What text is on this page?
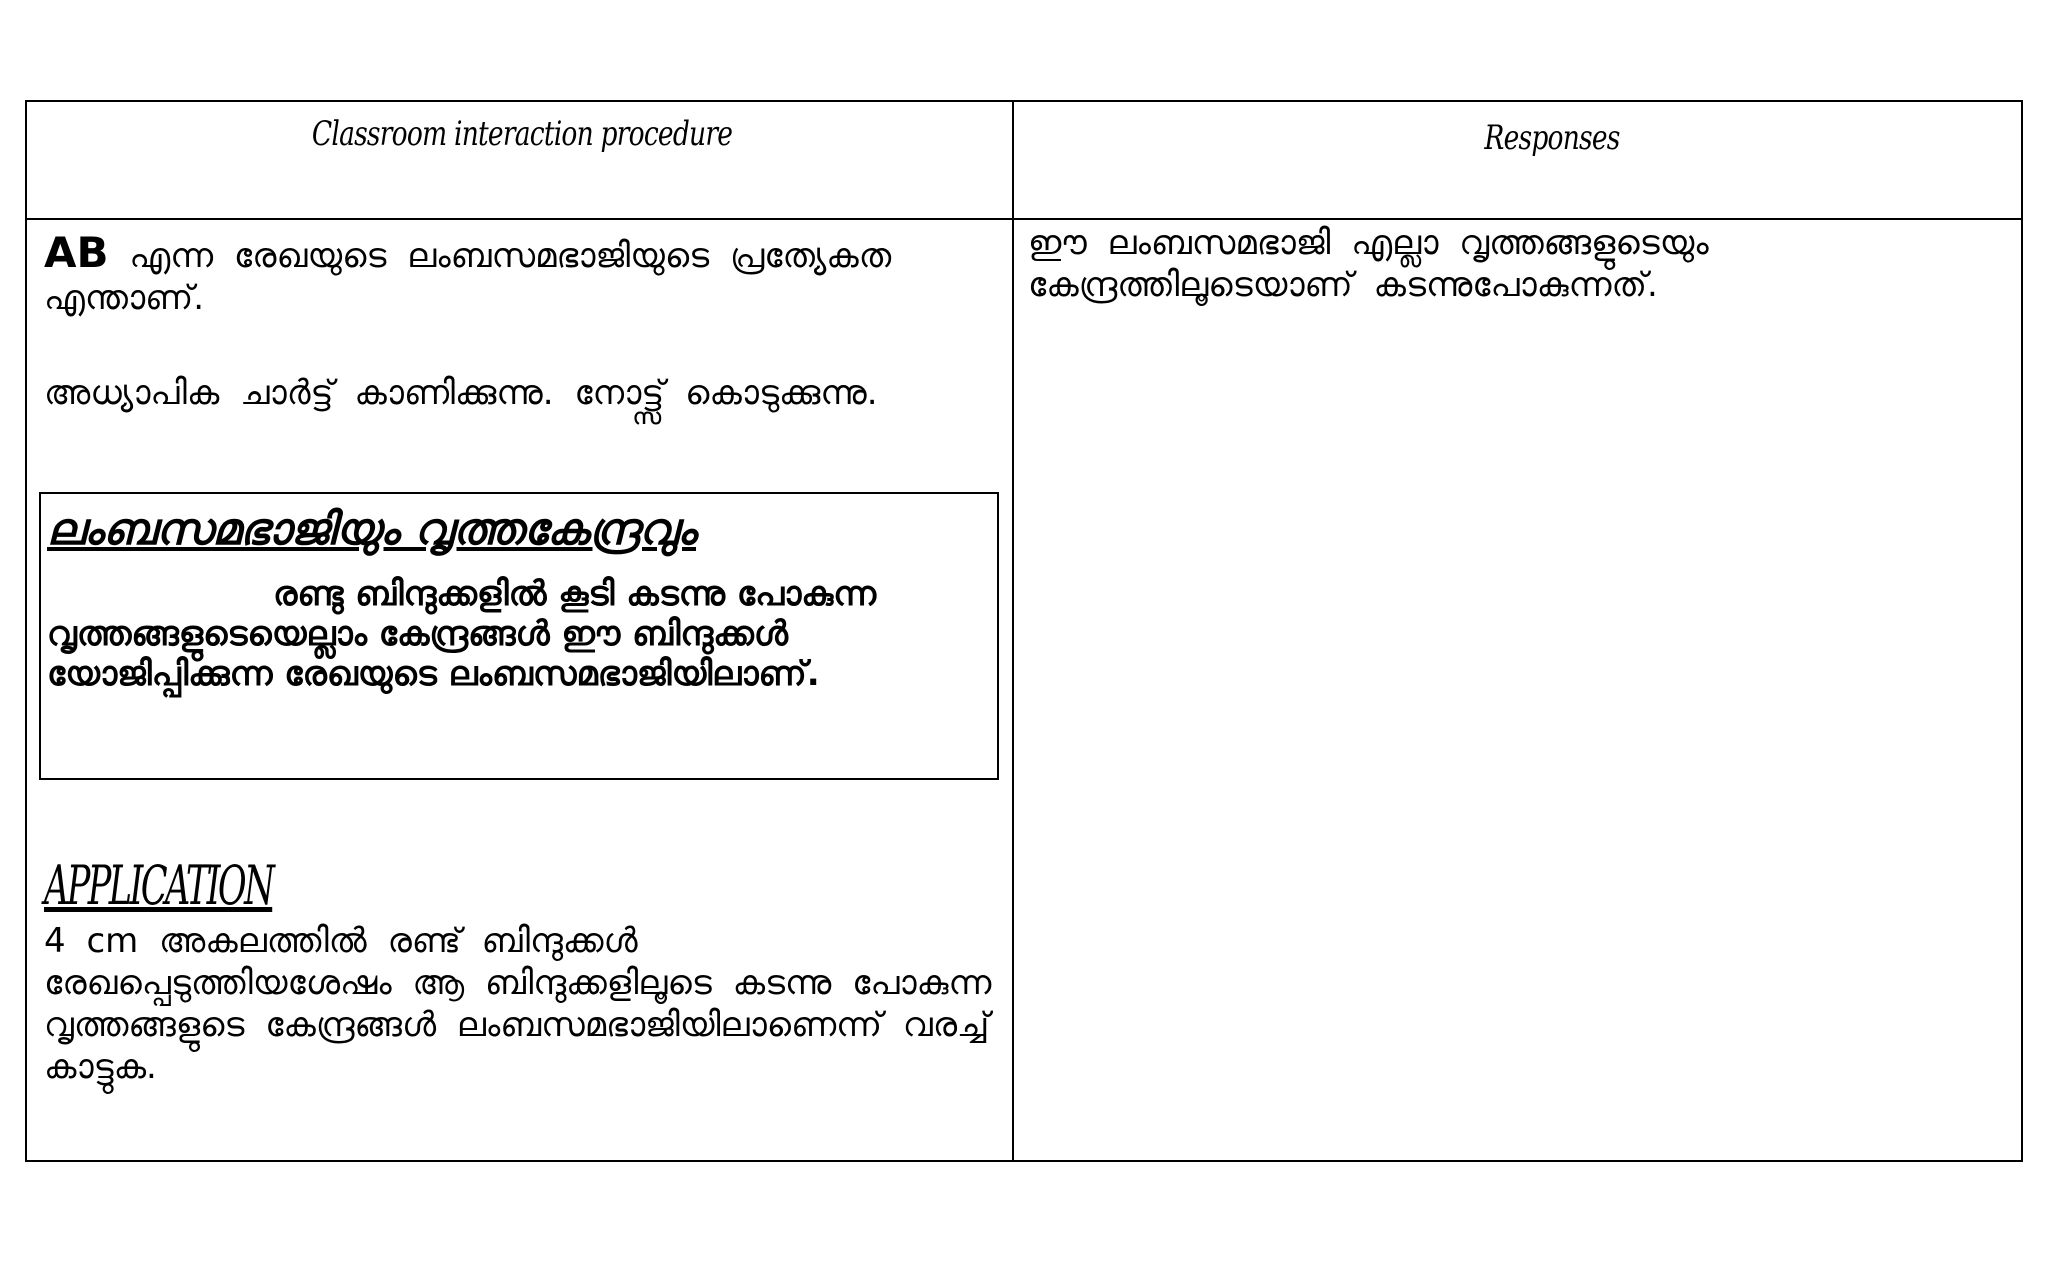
Classroom interaction procedure	Responses
AB എന്ന രേഖയുടെ ലംബസമഭാജിയുടെ പ്രത്യേകത എന്താണ്.
അധ്യാപിക ചാർട്ട് കാണിക്കുന്നു. നോട്ട്സ് കൊടുക്കുന്നു.
ലംബസമഭാജിയും വൃത്തകേന്ദ്രവും
രണ്ടു ബിന്ദുക്കളിൽ കൂടി കടന്നു പോകുന്ന വൃത്തങ്ങളുടെയെല്ലാം കേന്ദ്രങ്ങൾ ഈ ബിന്ദുക്കൾ യോജിപ്പിക്കുന്ന രേഖയുടെ ലംബസമഭാജിയിലാണ്.
APPLICATION
4 cm അകലത്തിൽ രണ്ട് ബിന്ദുക്കൾ രേഖപ്പെടുത്തിയശേഷം ആ ബിന്ദുക്കളിലൂടെ കടന്നു പോകുന്ന വൃത്തങ്ങളുടെ കേന്ദ്രങ്ങൾ ലംബസമഭാജിയിലാണെന്ന് വരച്ച് കാട്ടുക.
ഈ ലംബസമഭാജി എല്ലാ വൃത്തങ്ങളുടെയും കേന്ദ്രത്തിലൂടെയാണ് കടന്നുപോകുന്നത്.
